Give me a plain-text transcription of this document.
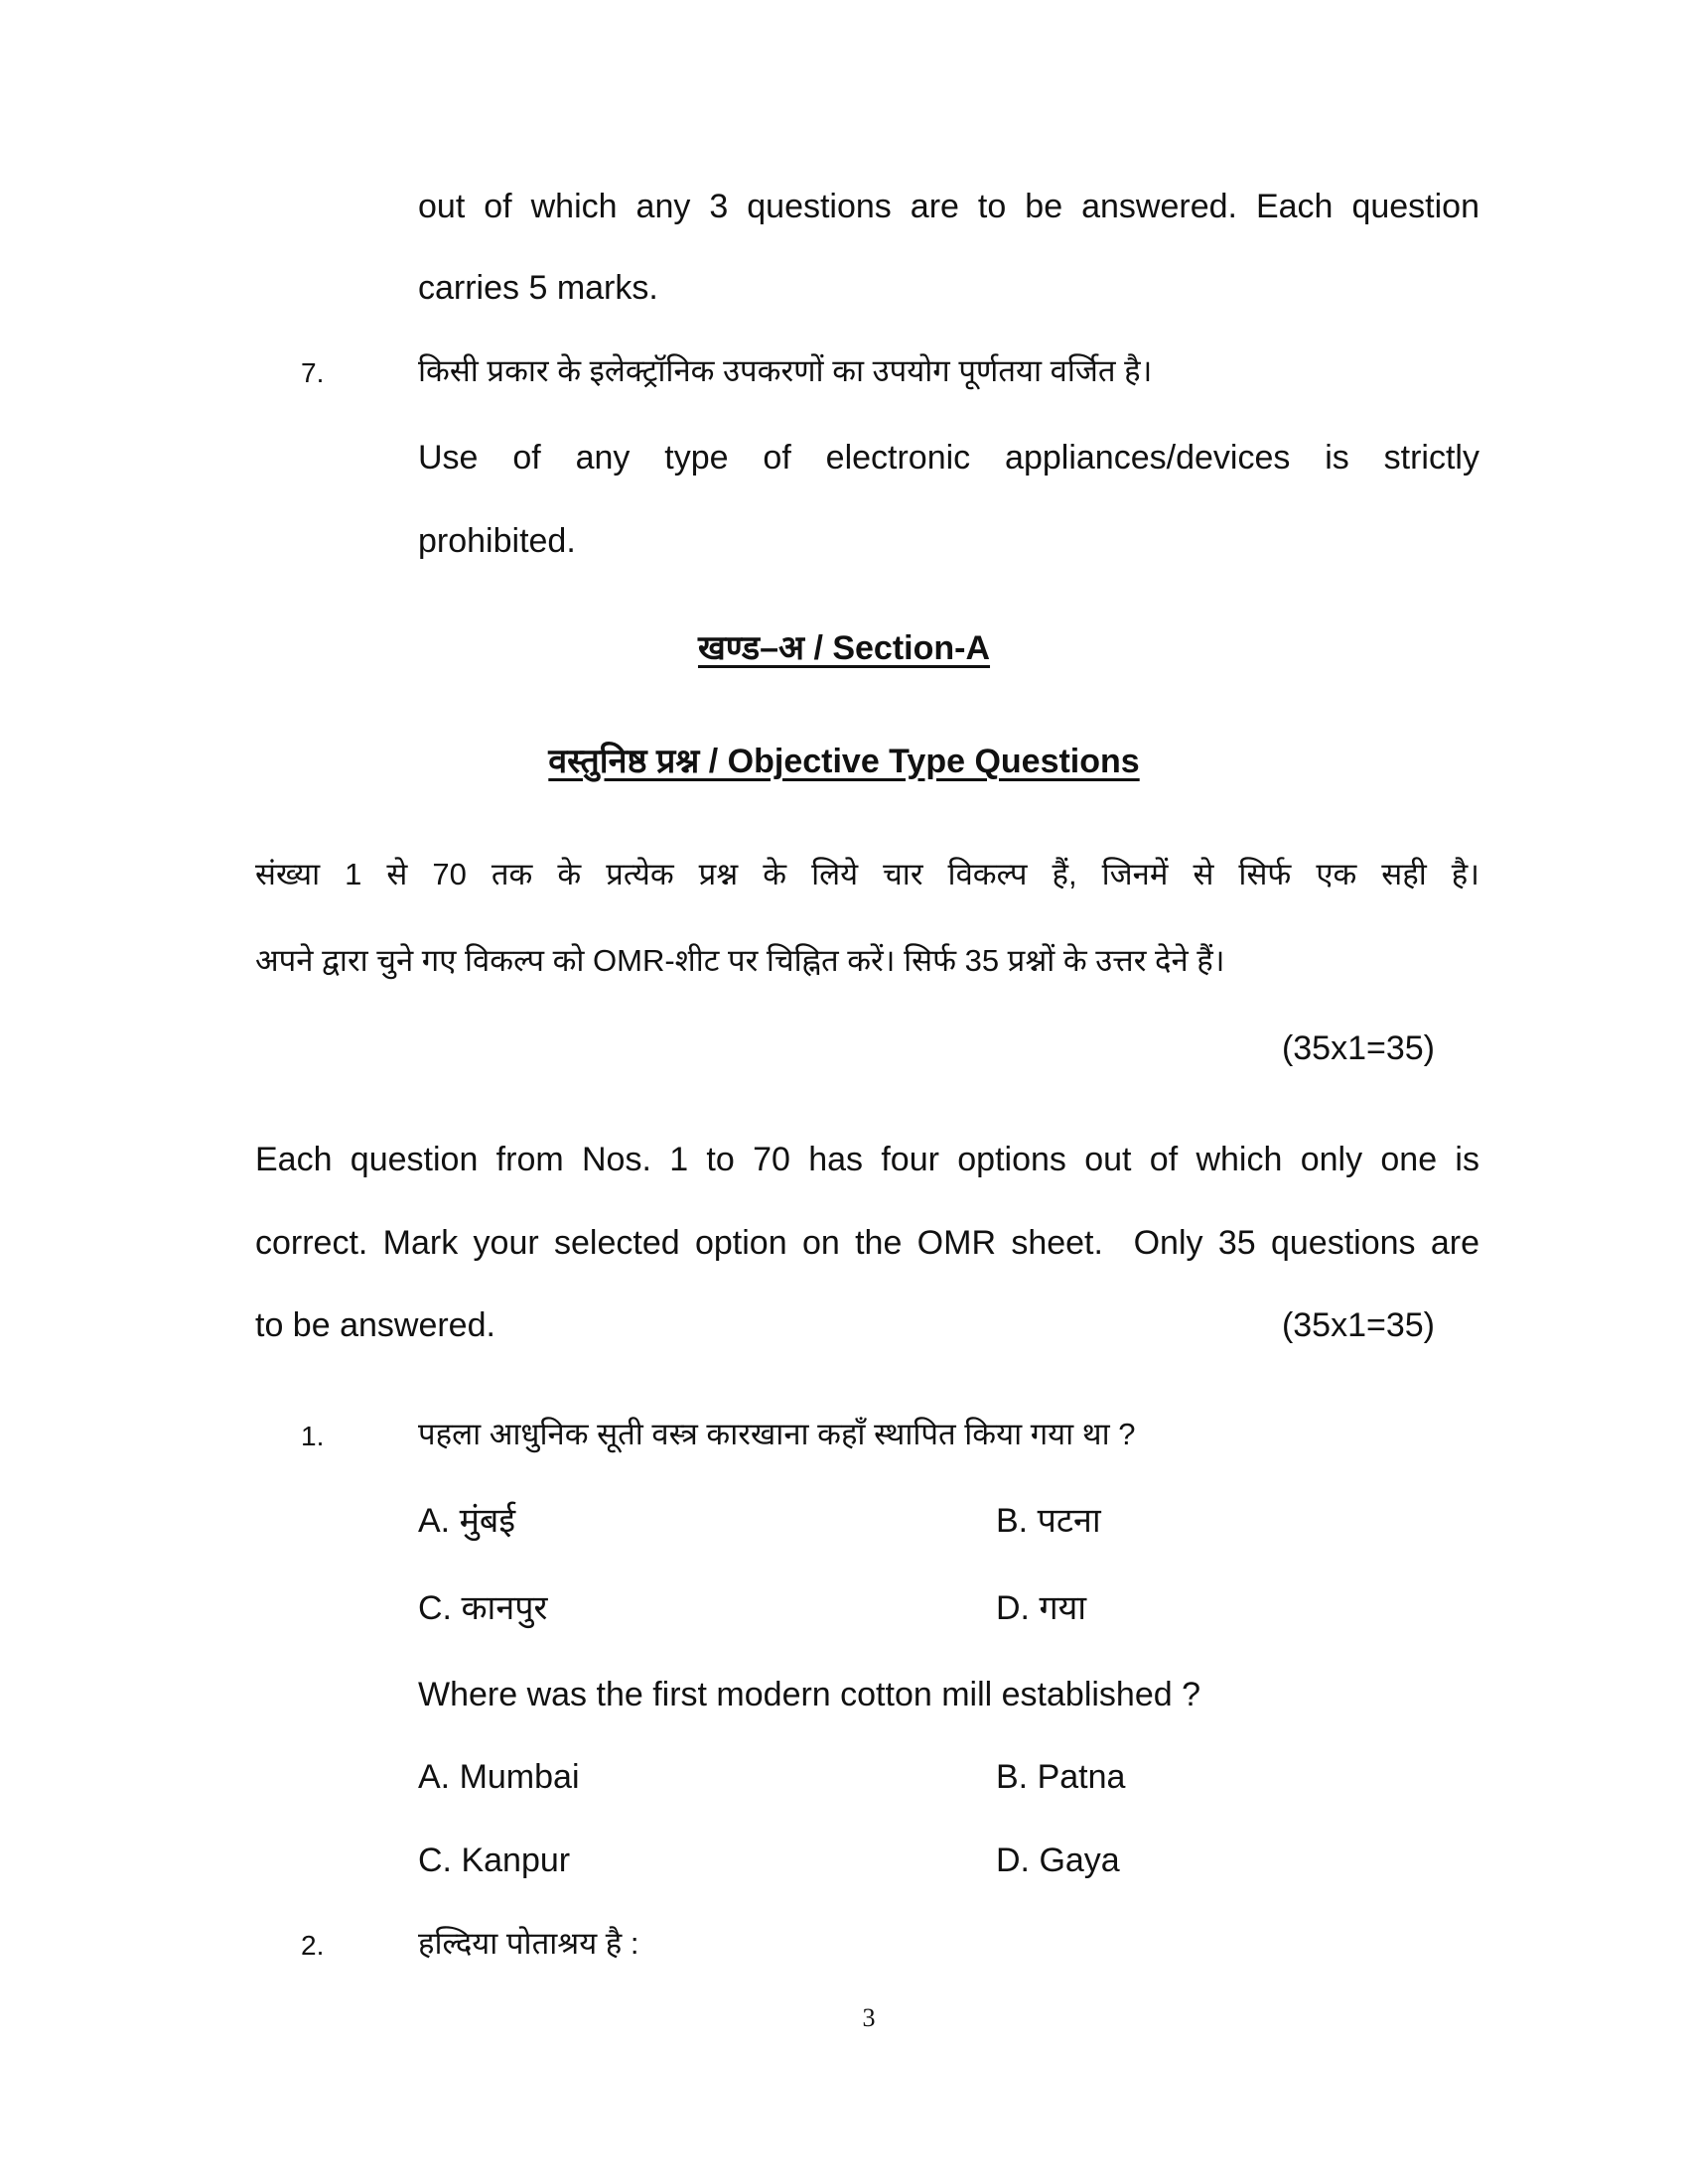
out of which any 3 questions are to be answered. Each question
carries 5 marks.
7.	किसी प्रकार के इलेक्ट्रॉनिक उपकरणों का उपयोग पूर्णतया वर्जित है।
Use of any type of electronic appliances/devices is strictly
prohibited.
खण्ड–अ / Section-A
वस्तुनिष्ठ प्रश्न / Objective Type Questions
संख्या 1 से 70 तक के प्रत्येक प्रश्न के लिये चार विकल्प हैं, जिनमें से सिर्फ एक सही है।
अपने द्वारा चुने गए विकल्प को OMR-शीट पर चिह्नित करें। सिर्फ 35 प्रश्नों के उत्तर देने हैं।
(35x1=35)
Each question from Nos. 1 to 70 has four options out of which only one is
correct. Mark your selected option on the OMR sheet.  Only 35 questions are
to be answered.	(35x1=35)
1.	पहला आधुनिक सूती वस्त्र कारखाना कहाँ स्थापित किया गया था ?
A. मुंबई	B. पटना
C. कानपुर	D. गया
Where was the first modern cotton mill established ?
A. Mumbai	B. Patna
C. Kanpur	D. Gaya
2.	हल्दिया पोताश्रय है :
3
